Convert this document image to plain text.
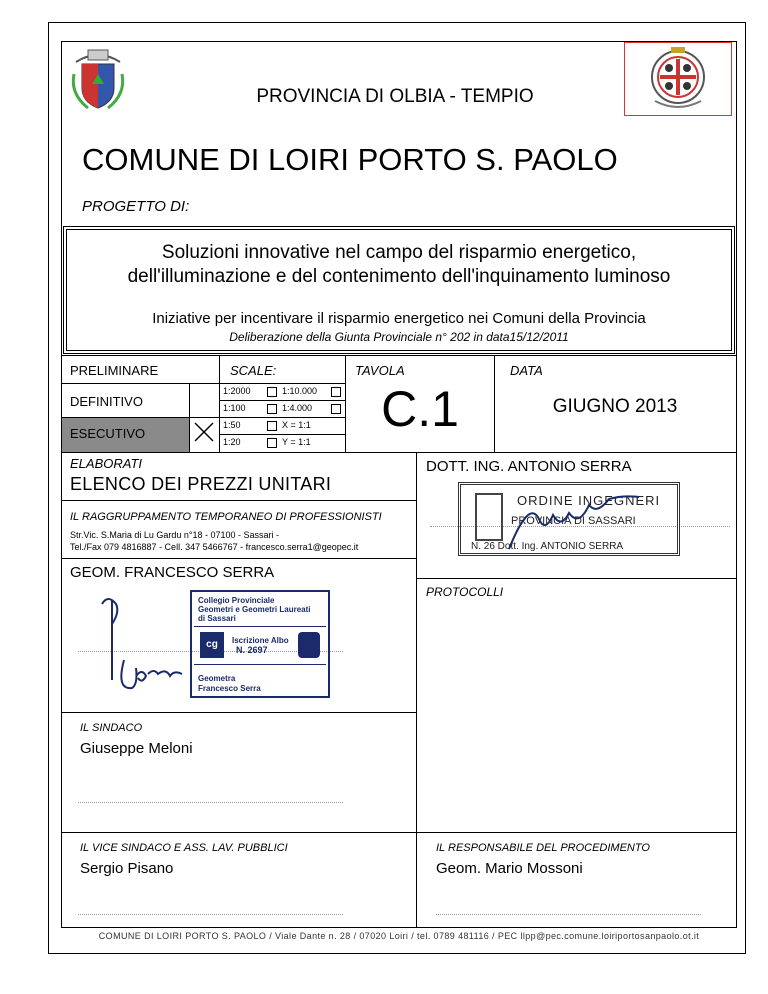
PROVINCIA DI OLBIA - TEMPIO
COMUNE DI LOIRI PORTO S. PAOLO
PROGETTO DI:
Soluzioni innovative nel campo del risparmio energetico,
dell'illuminazione e del contenimento dell'inquinamento luminoso
Iniziative per incentivare il risparmio energetico nei Comuni della Provincia
Deliberazione della Giunta Provinciale n° 202 in data15/12/2011
PRELIMINARE
DEFINITIVO
ESECUTIVO
SCALE:
1:2000	1:10.000
1:100	1:4.000
1:50	X = 1:1
1:20	Y = 1:1
TAVOLA
C.1
DATA
GIUGNO 2013
ELABORATI
ELENCO DEI PREZZI UNITARI
IL RAGGRUPPAMENTO TEMPORANEO DI PROFESSIONISTI
Str.Vic. S.Maria di Lu Gardu n°18 - 07100 - Sassari -
Tel./Fax 079 4816887 - Cell. 347 5466767 - francesco.serra1@geopec.it
GEOM. FRANCESCO SERRA
Collegio Provinciale
Geometri e Geometri Laureati
di Sassari
cg	Iscrizione Albo
N. 2697
Geometra
Francesco Serra
IL SINDACO
Giuseppe Meloni
DOTT. ING. ANTONIO SERRA
ORDINE INGEGNERI
PROVINCIA DI SASSARI
N. 26 Dott. Ing. ANTONIO SERRA
PROTOCOLLI
IL VICE SINDACO E ASS. LAV. PUBBLICI
Sergio Pisano
IL RESPONSABILE DEL PROCEDIMENTO
Geom. Mario Mossoni
COMUNE DI LOIRI PORTO S. PAOLO / Viale Dante n. 28 / 07020 Loiri / tel. 0789 481116 / PEC llpp@pec.comune.loiriportosanpaolo.ot.it
